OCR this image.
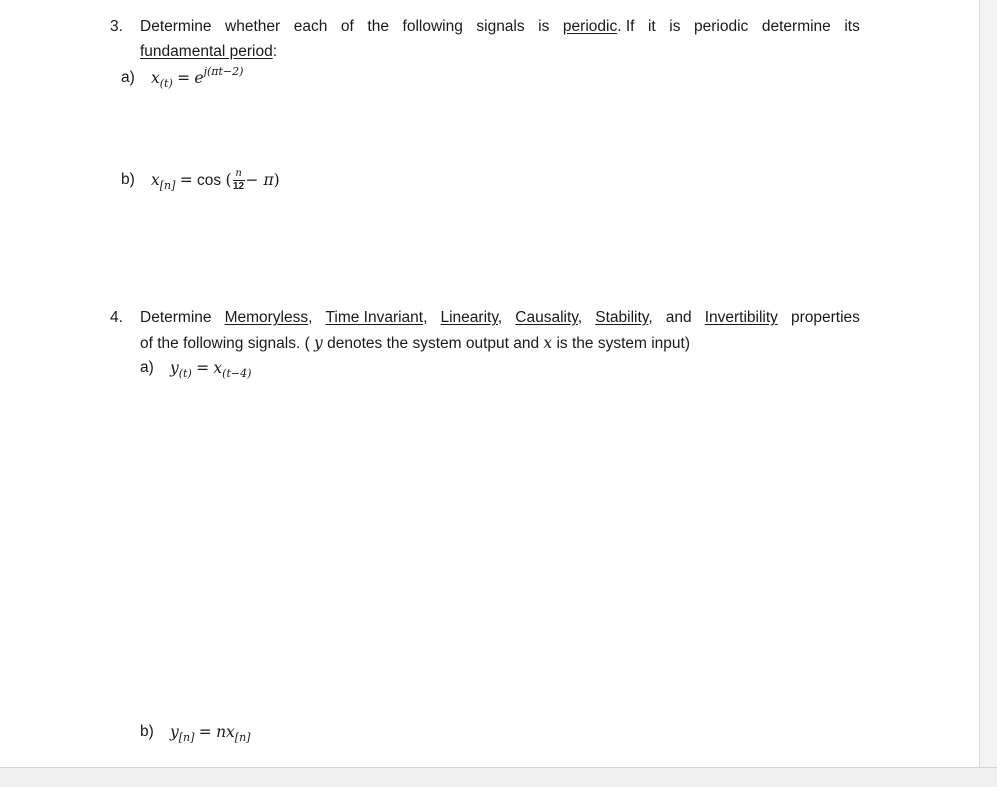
3. Determine whether each of the following signals is periodic. If it is periodic determine its
fundamental period:
a) $x_{(t)} = e^{j(\pi t-2)}$
b) $x_{[n]} = \cos$ ( $\frac{n}{12} - \pi$)
4. Determine Memoryless, Time Invariant, Linearity, Causality, Stability, and Invertibility properties
of the following signals. ( y denotes the system output and x is the system input)
a) $y_{(t)} = x_{(t-4)}$
b) $y_{[n]} = nx_{[n]}$
